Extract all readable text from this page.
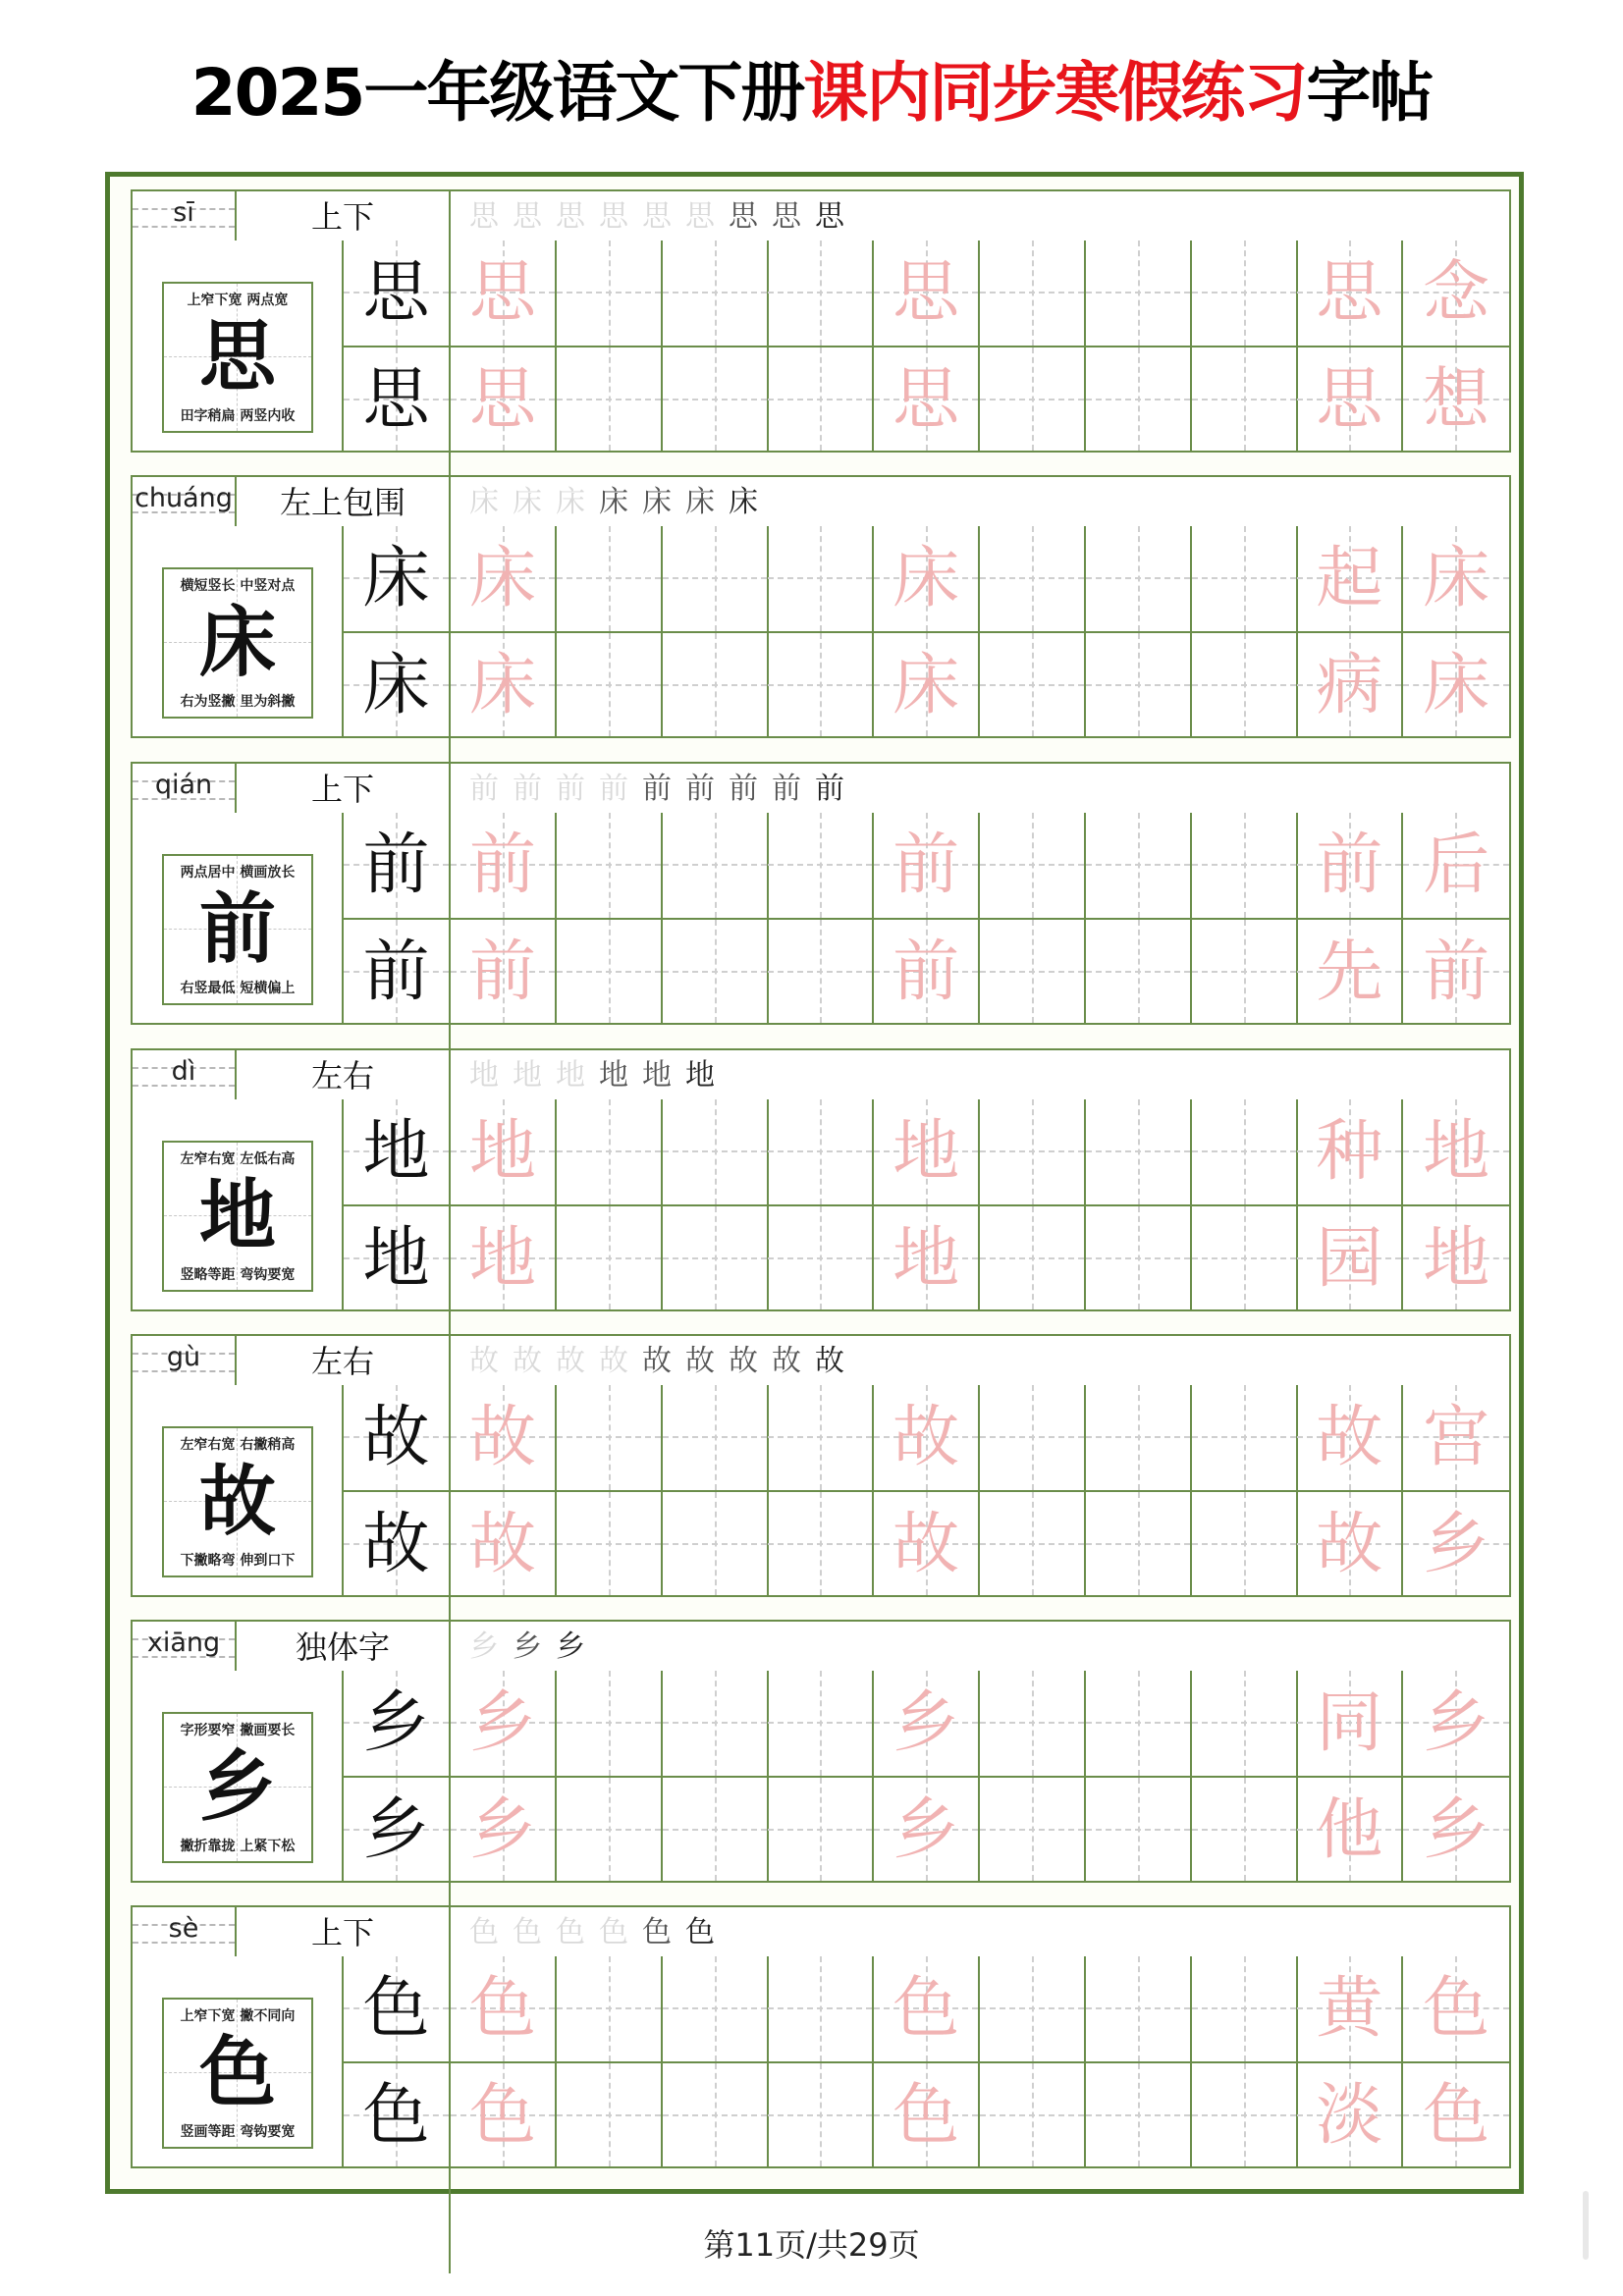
2025一年级语文下册课内同步寒假练习字帖
sī	上下	思 思 思 思 思 思 思 思 思
上窄下宽 两点宽
思
田字稍扁 两竖内收
思
思
思	思	思 念
思	思	思 想
chuáng	左上包围	床 床 床 床 床 床 床
横短竖长 中竖对点
床
右为竖撇 里为斜撇
床
床
床	床	起 床
床	床	病 床
qián	上下	前 前 前 前 前 前 前 前 前
两点居中 横画放长
前
右竖最低 短横偏上
前
前
前	前	前 后
前	前	先 前
dì	左右	地 地 地 地 地 地
左窄右宽 左低右高
地
竖略等距 弯钩要宽
地
地
地	地	种 地
地	地	园 地
gù	左右	故 故 故 故 故 故 故 故 故
左窄右宽 右撇稍高
故
下撇略弯 伸到口下
故
故
故	故	故 宫
故	故	故 乡
xiāng	独体字	乡 乡 乡
字形要窄 撇画要长
乡
撇折靠拢 上紧下松
乡
乡
乡	乡	同 乡
乡	乡	他 乡
sè	上下	色 色 色 色 色 色
上窄下宽 撇不同向
色
竖画等距 弯钩要宽
色
色
色	色	黄 色
色	色	淡 色
第11页/共29页
